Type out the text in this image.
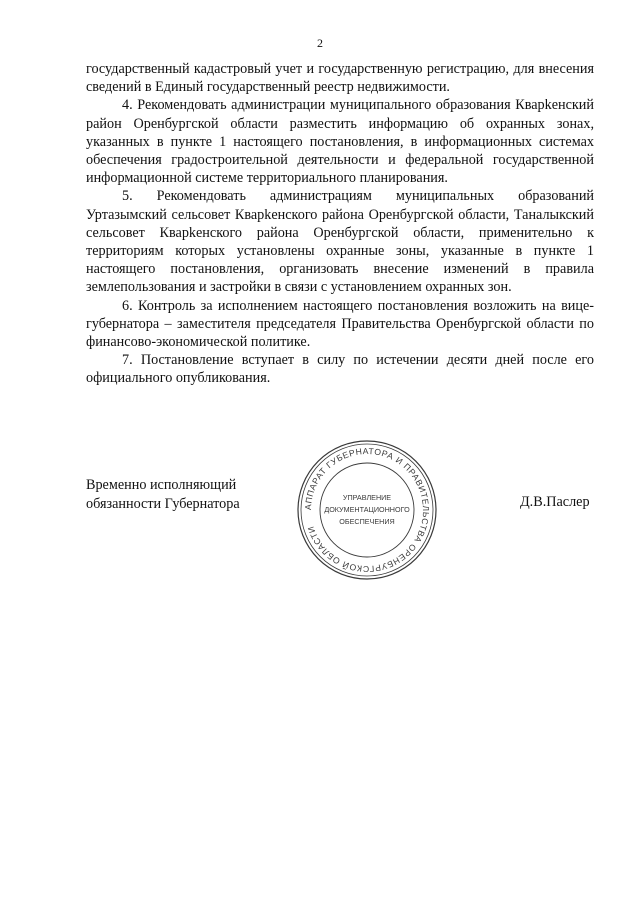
2

государственный кадастровый учет и государственную регистрацию, для внесения сведений в Единый государственный реестр недвижимости.

4. Рекомендовать администрации муниципального образования Кварkенский район Оренбургской области разместить информацию об охранных зонах, указанных в пункте 1 настоящего постановления, в информационных системах обеспечения градостроительной деятельности и федеральной государственной информационной системе территориального планирования.

5. Рекомендовать администрациям муниципальных образований Уртазымский сельсовет Кварkенского района Оренбургской области, Таналыкский сельсовет Кварkенского района Оренбургской области, применительно к территориям которых установлены охранные зоны, указанные в пункте 1 настоящего постановления, организовать внесение изменений в правила землепользования и застройки в связи с установлением охранных зон.

6. Контроль за исполнением настоящего постановления возложить на вице-губернатора – заместителя председателя Правительства Оренбургской области по финансово-экономической политике.

7. Постановление вступает в силу по истечении десяти дней после его официального опубликования.

Временно исполняющий
обязанности Губернатора	АППАРАТ ГУБЕРНАТОРА И ПРАВИТЕЛЬСТВА ОРЕНБУРГСКОЙ ОБЛАСТИ
УПРАВЛЕНИЕ
ДОКУМЕНТАЦИОННОГО
ОБЕСПЕЧЕНИЯ
Д.В.Паслер
